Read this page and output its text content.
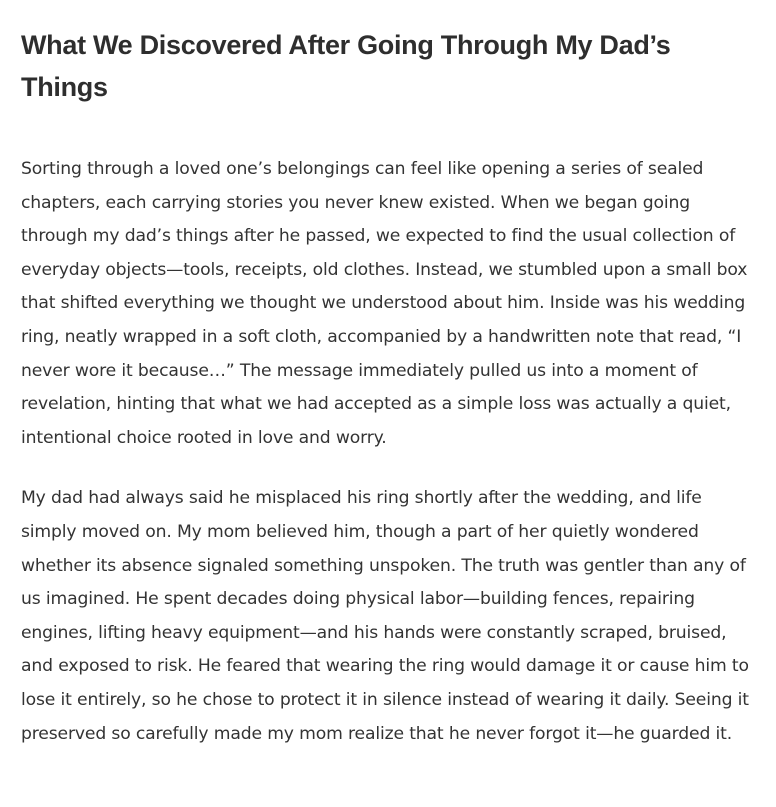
What We Discovered After Going Through My Dad’s Things

Sorting through a loved one’s belongings can feel like opening a series of sealed chapters, each carrying stories you never knew existed. When we began going through my dad’s things after he passed, we expected to find the usual collection of everyday objects—tools, receipts, old clothes. Instead, we stumbled upon a small box that shifted everything we thought we understood about him. Inside was his wedding ring, neatly wrapped in a soft cloth, accompanied by a handwritten note that read, “I never wore it because…” The message immediately pulled us into a moment of revelation, hinting that what we had accepted as a simple loss was actually a quiet, intentional choice rooted in love and worry.

My dad had always said he misplaced his ring shortly after the wedding, and life simply moved on. My mom believed him, though a part of her quietly wondered whether its absence signaled something unspoken. The truth was gentler than any of us imagined. He spent decades doing physical labor—building fences, repairing engines, lifting heavy equipment—and his hands were constantly scraped, bruised, and exposed to risk. He feared that wearing the ring would damage it or cause him to lose it entirely, so he chose to protect it in silence instead of wearing it daily. Seeing it preserved so carefully made my mom realize that he never forgot it—he guarded it.
